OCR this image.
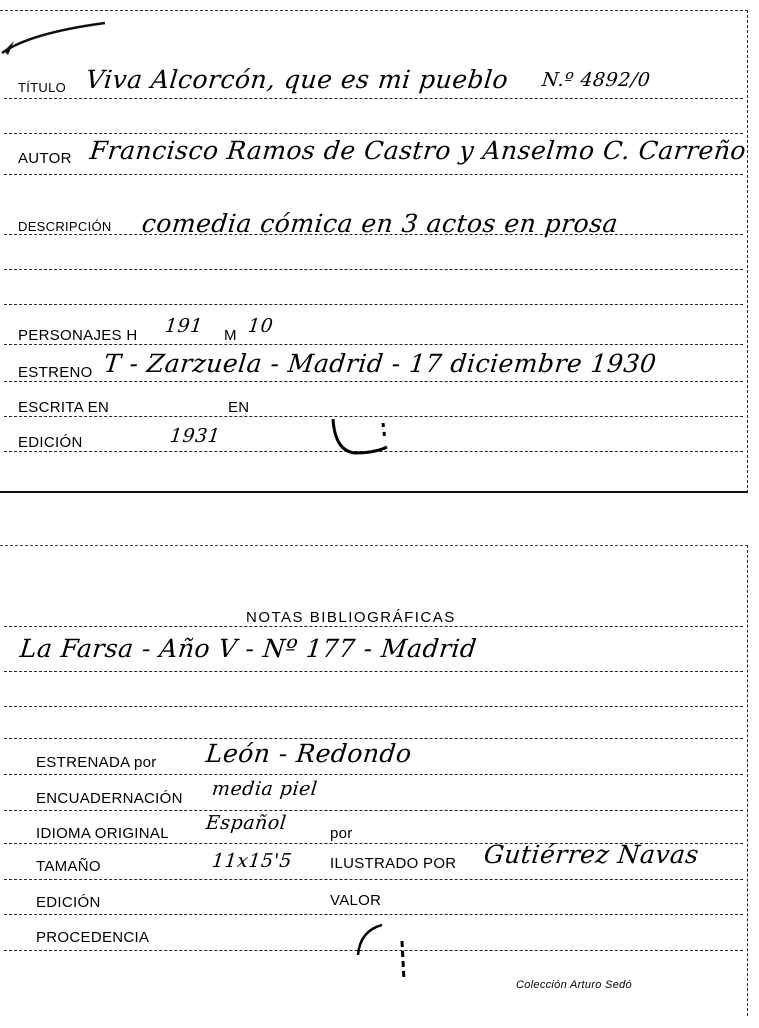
TÍTULO Viva Alcorcón, que es mi pueblo N.º 4892/0
AUTOR Francisco Ramos de Castro y Anselmo C. Carreño
DESCRIPCIÓN comedia cómica en 3 actos en prosa
PERSONAJES H 191 M 10
ESTRENO T - Zarzuela - Madrid - 17 diciembre 1930
ESCRITA EN	EN
EDICIÓN	1931
NOTAS BIBLIOGRÁFICAS
La Farsa - Año V - Nº 177 - Madrid
ESTRENADA por León - Redondo
ENCUADERNACIÓN media piel
IDIOMA ORIGINAL Español	por
TAMAÑO	11x15'5 ILUSTRADO POR Gutiérrez Navas
EDICIÓN	VALOR
PROCEDENCIA
Colección Arturo Sedó
